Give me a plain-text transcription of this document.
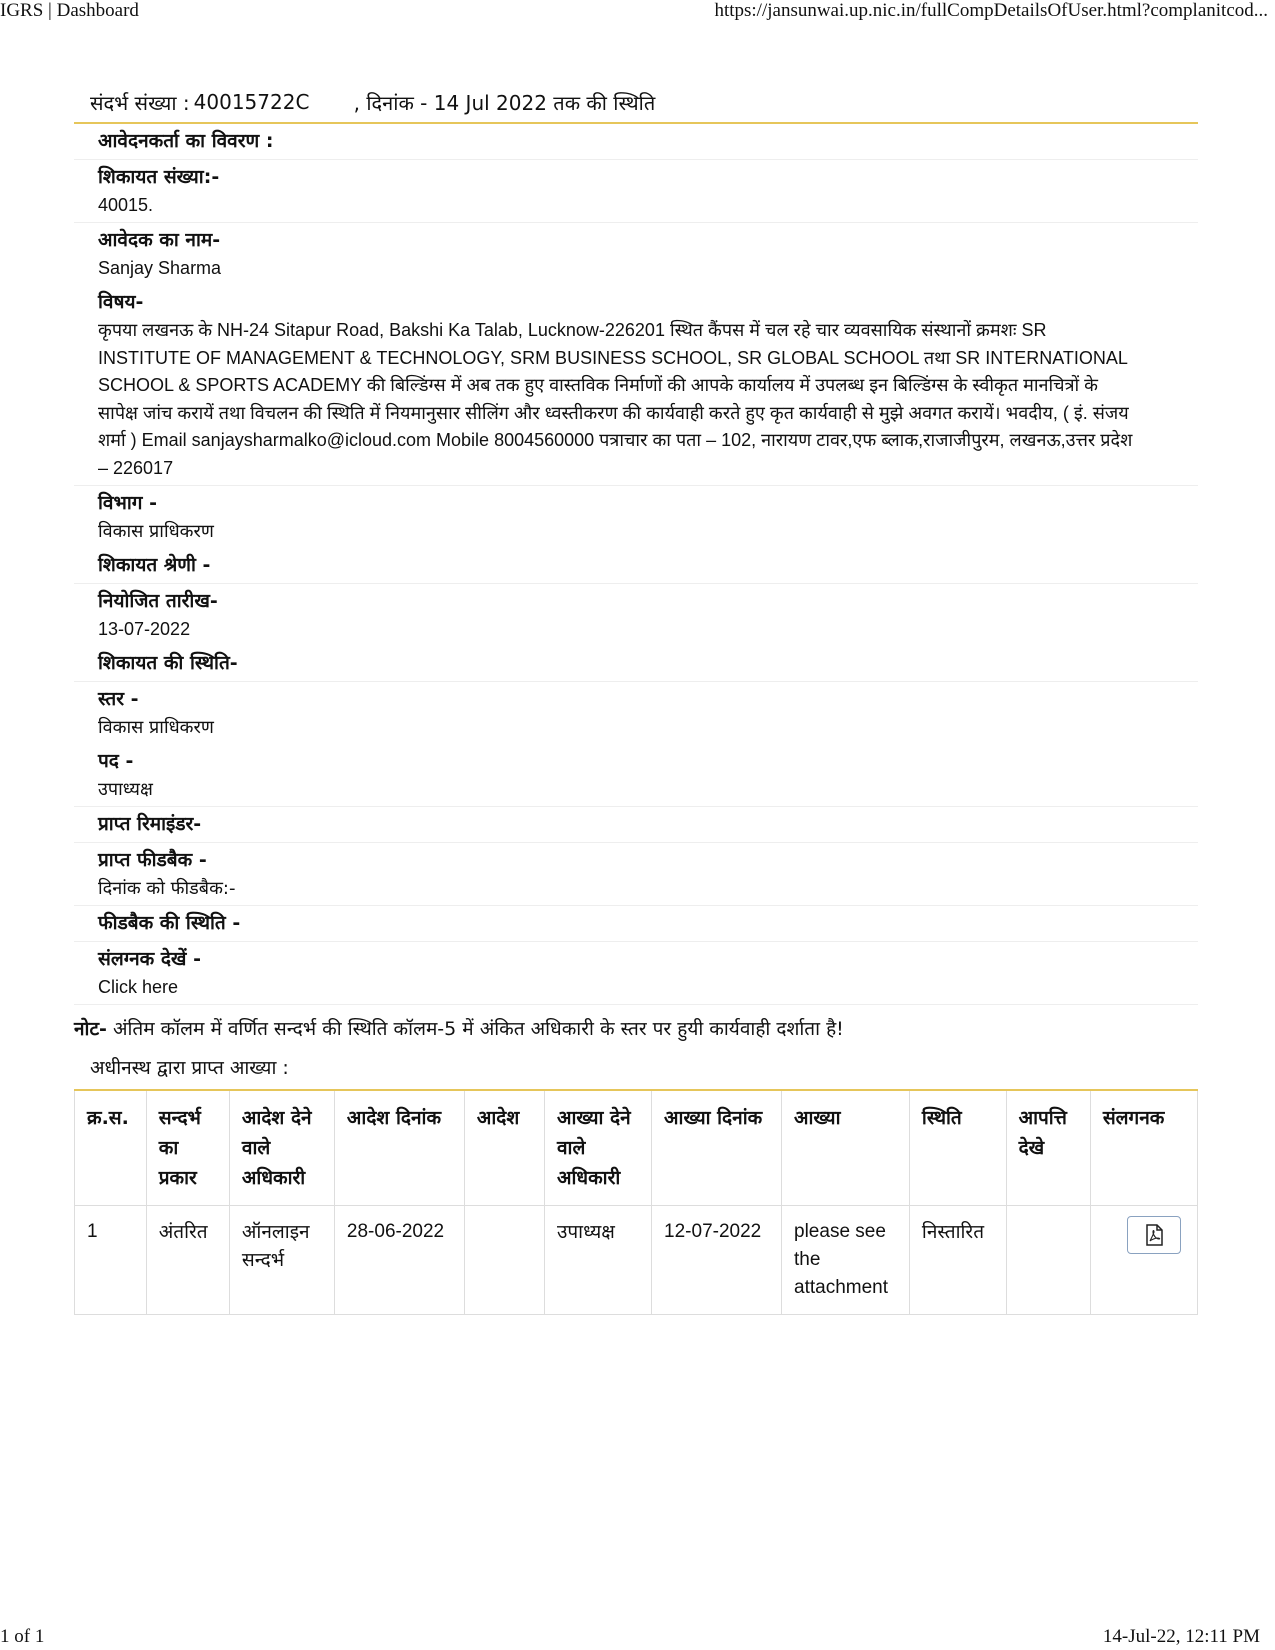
IGRS | Dashboard	https://jansunwai.up.nic.in/fullCompDetailsOfUser.html?complanitcod...
संदर्भ संख्या : 40015722C	, दिनांक - 14 Jul 2022 तक की स्थिति
आवेदनकर्ता का विवरण :
शिकायत संख्या:-
40015.
आवेदक का नाम-
Sanjay Sharma
विषय-
कृपया लखनऊ के NH-24 Sitapur Road, Bakshi Ka Talab, Lucknow-226201 स्थित कैंपस में चल रहे चार व्यवसायिक संस्थानों क्रमशः SR INSTITUTE OF MANAGEMENT & TECHNOLOGY, SRM BUSINESS SCHOOL, SR GLOBAL SCHOOL तथा SR INTERNATIONAL SCHOOL & SPORTS ACADEMY की बिल्डिंग्स में अब तक हुए वास्तविक निर्माणों की आपके कार्यालय में उपलब्ध इन बिल्डिंग्स के स्वीकृत मानचित्रों के सापेक्ष जांच करायें तथा विचलन की स्थिति में नियमानुसार सीलिंग और ध्वस्तीकरण की कार्यवाही करते हुए कृत कार्यवाही से मुझे अवगत करायें। भवदीय, ( इं. संजय शर्मा ) Email sanjaysharmalko@icloud.com Mobile 8004560000 पत्राचार का पता – 102, नारायण टावर,एफ ब्लाक,राजाजीपुरम, लखनऊ,उत्तर प्रदेश – 226017
विभाग -
विकास प्राधिकरण
शिकायत श्रेणी -
नियोजित तारीख-
13-07-2022
शिकायत की स्थिति-
स्तर -
विकास प्राधिकरण
पद -
उपाध्यक्ष
प्राप्त रिमाइंडर-
प्राप्त फीडबैक -
दिनांक को फीडबैक:-
फीडबैक की स्थिति -
संलग्नक देखें -
Click here
नोट- अंतिम कॉलम में वर्णित सन्दर्भ की स्थिति कॉलम-5 में अंकित अधिकारी के स्तर पर हुयी कार्यवाही दर्शाता है!
अधीनस्थ द्वारा प्राप्त आख्या :
क्र.स.	सन्दर्भ का प्रकार	आदेश देने वाले अधिकारी	आदेश दिनांक	आदेश	आख्या देने वाले अधिकारी	आख्या दिनांक	आख्या	स्थिति	आपत्ति देखे	संलगनक
1	अंतरित	ऑनलाइन सन्दर्भ	28-06-2022		उपाध्यक्ष	12-07-2022	please see the attachment	निस्तारित		
1 of 1	14-Jul-22, 12:11 PM
